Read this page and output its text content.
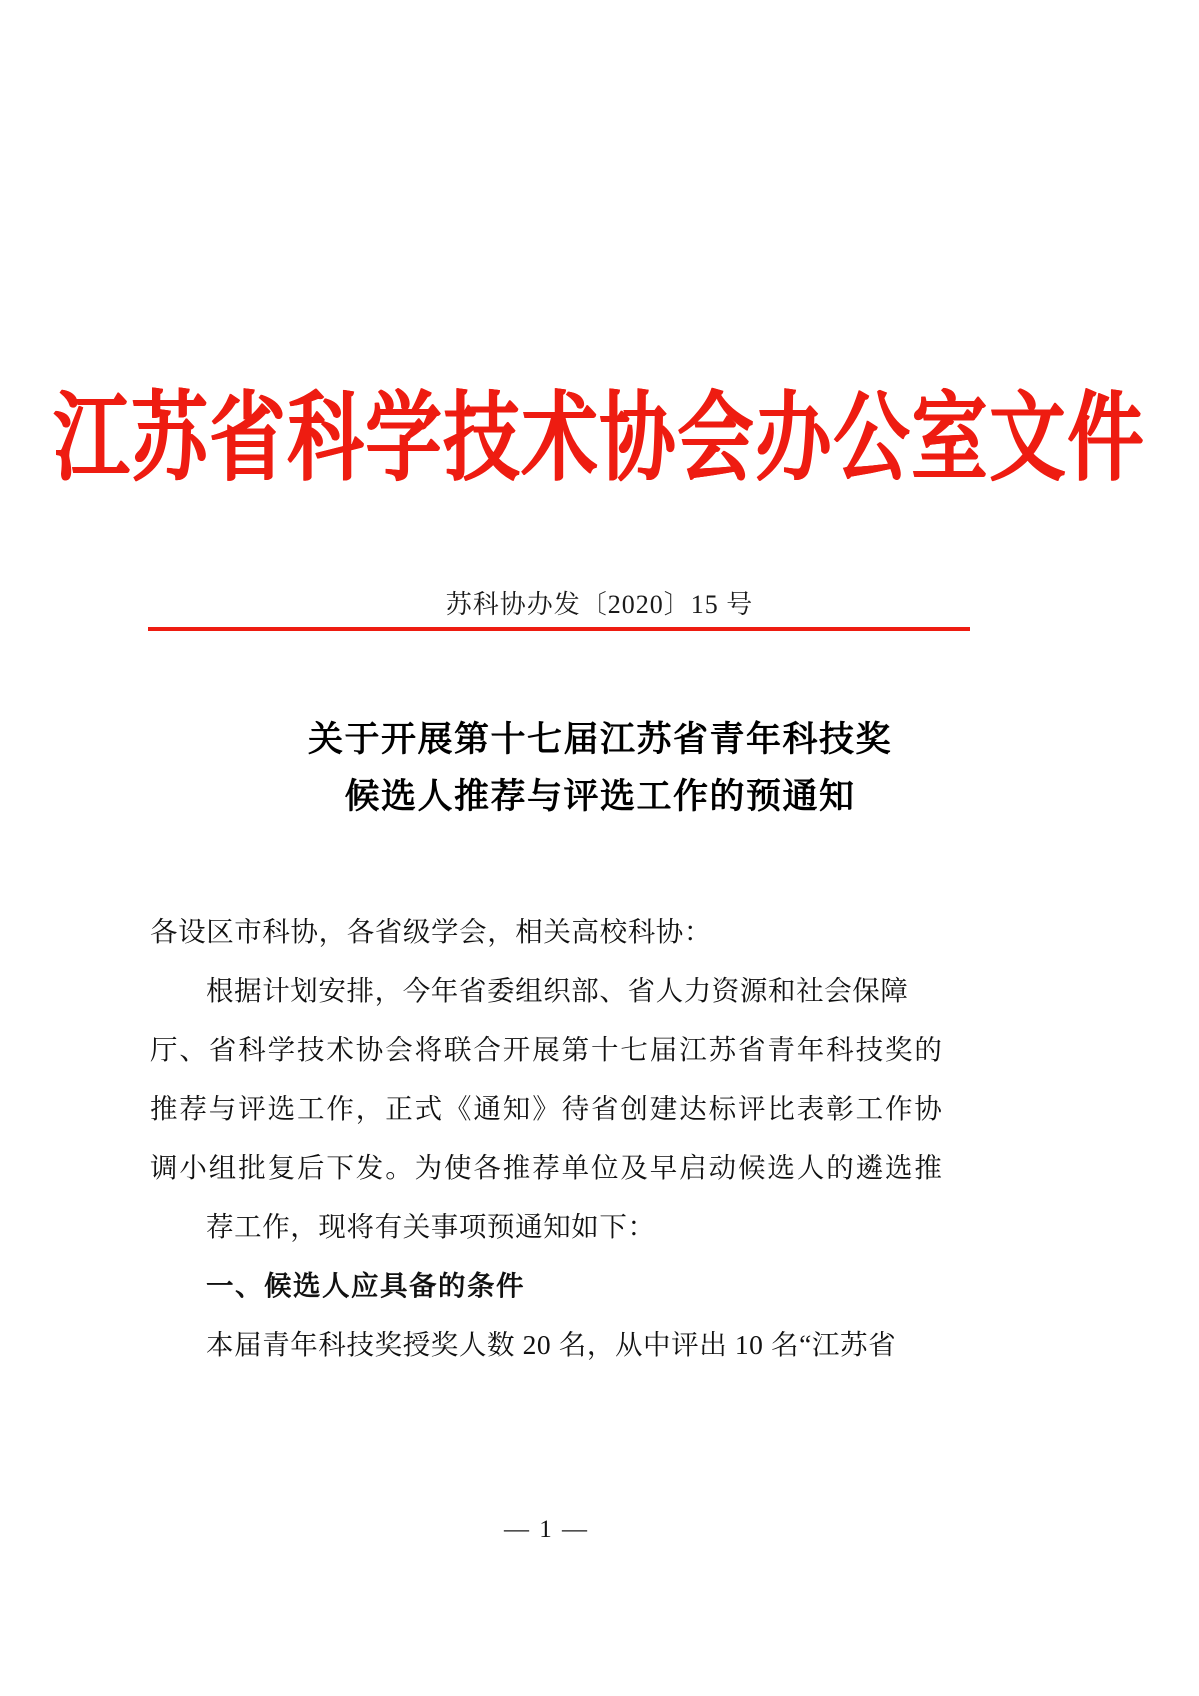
江苏省科学技术协会办公室文件
苏科协办发〔2020〕15 号
关于开展第十七届江苏省青年科技奖
候选人推荐与评选工作的预通知
各设区市科协，各省级学会，相关高校科协：
根据计划安排，今年省委组织部、省人力资源和社会保障
厅、省科学技术协会将联合开展第十七届江苏省青年科技奖的
推荐与评选工作，正式《通知》待省创建达标评比表彰工作协
调小组批复后下发。为使各推荐单位及早启动候选人的遴选推
荐工作，现将有关事项预通知如下：
一、候选人应具备的条件
本届青年科技奖授奖人数 20 名，从中评出 10 名“江苏省
— 1 —
